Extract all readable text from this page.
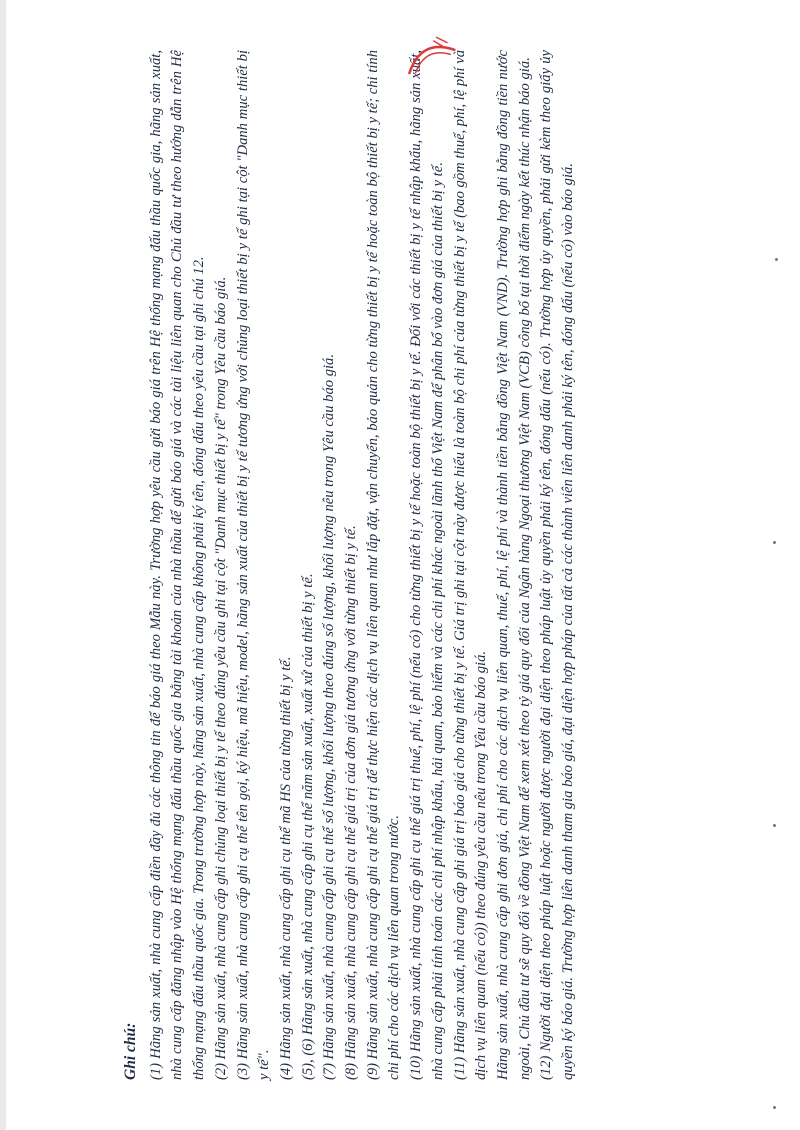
Ghi chú: (1) Hãng sản xuất, nhà cung cấp điền đầy đủ các thông tin để báo giá theo Mẫu này. Trường hợp yêu cầu gửi báo giá trên Hệ thống mạng đấu thầu quốc gia, hãng sản xuất, nhà cung cấp đăng nhập vào Hệ thống mạng đấu thầu quốc gia bằng tài khoản của nhà thầu để gửi báo giá và các tài liệu liên quan cho Chủ đầu tư theo hướng dẫn trên Hệ thống mạng đấu thầu quốc gia. Trong trường hợp này, hãng sản xuất, nhà cung cấp không phải ký tên, đóng dấu theo yêu cầu tại ghi chú 12. (2) Hãng sản xuất, nhà cung cấp ghi chủng loại thiết bị y tế theo đúng yêu cầu ghi tại cột "Danh mục thiết bị y tế" trong Yêu cầu báo giá. (3) Hãng sản xuất, nhà cung cấp ghi cụ thể tên gọi, ký hiệu, mã hiệu, model, hãng sản xuất của thiết bị y tế tương ứng với chủng loại thiết bị y tế ghi tại cột "Danh mục thiết bị y tế". (4) Hãng sản xuất, nhà cung cấp ghi cụ thể mã HS của từng thiết bị y tế. (5), (6) Hãng sản xuất, nhà cung cấp ghi cụ thể năm sản xuất, xuất xứ của thiết bị y tế. (7) Hãng sản xuất, nhà cung cấp ghi cụ thể số lượng, khối lượng theo đúng số lượng, khối lượng nêu trong Yêu cầu báo giá. (8) Hãng sản xuất, nhà cung cấp ghi cụ thể giá trị của đơn giá tương ứng với từng thiết bị y tế. (9) Hãng sản xuất, nhà cung cấp ghi cụ thể giá trị để thực hiện các dịch vụ liên quan như lắp đặt, vận chuyển, bảo quản cho từng thiết bị y tế hoặc toàn bộ thiết bị y tế; chi tính chi phí cho các dịch vụ liên quan trong nước. (10) Hãng sản xuất, nhà cung cấp ghi cụ thể giá trị thuế, phí, lệ phí (nếu có) cho từng thiết bị y tế hoặc toàn bộ thiết bị y tế. Đối với các thiết bị y tế nhập khẩu, hãng sản xuất, nhà cung cấp phải tính toán các chi phí nhập khẩu, hải quan, bảo hiểm và các chi phí khác ngoài lãnh thổ Việt Nam để phân bổ vào đơn giá của thiết bị y tế. (11) Hãng sản xuất, nhà cung cấp ghi giá trị báo giá cho từng thiết bị y tế. Giá trị ghi tại cột này được hiểu là toàn bộ chi phí của từng thiết bị y tế (bao gồm thuế, phí, lệ phí và dịch vụ liên quan (nếu có)) theo đúng yêu cầu nêu trong Yêu cầu báo giá. Hãng sản xuất, nhà cung cấp ghi đơn giá, chi phí cho các dịch vụ liên quan, thuế, phí, lệ phí và thành tiền bằng đồng Việt Nam (VND). Trường hợp ghi bằng đồng tiền nước ngoài, Chủ đầu tư sẽ quy đổi về đồng Việt Nam để xem xét theo tỷ giá quy đổi của Ngân hàng Ngoại thương Việt Nam (VCB) công bố tại thời điểm ngày kết thúc nhận báo giá. (12) Người đại diện theo pháp luật hoặc người được người đại diện theo pháp luật ủy quyền phải ký tên, đóng dấu (nếu có). Trường hợp ủy quyền, phải gửi kèm theo giấy ủy quyền ký báo giá. Trường hợp liên danh tham gia báo giá, đại diện hợp pháp của tất cả các thành viên liên danh phải ký tên, đóng dấu (nếu có) vào báo giá.
